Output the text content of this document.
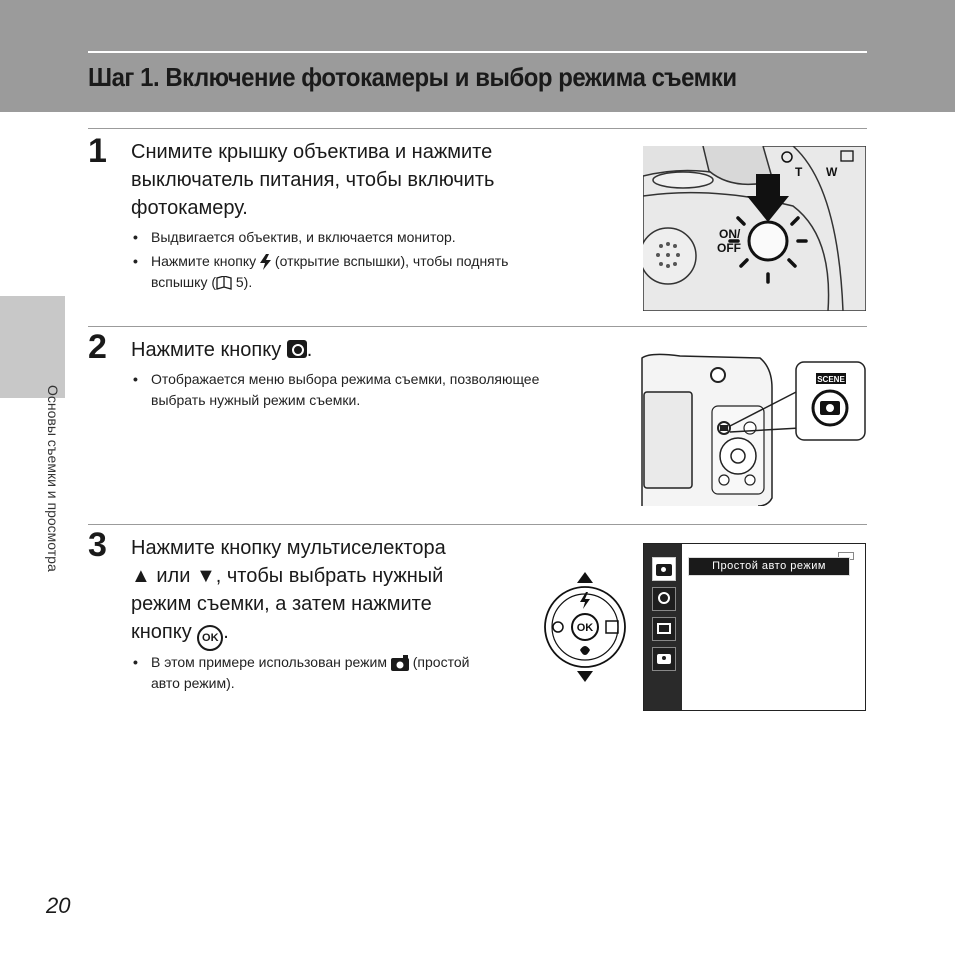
Шаг 1. Включение фотокамеры и выбор режима съемки
Основы съемки и просмотра
1 Снимите крышку объектива и нажмите
выключатель питания, чтобы включить
фотокамеру.
• Выдвигается объектив, и включается монитор.
• Нажмите кнопку  (открытие вспышки), чтобы поднять
вспышку ( 5).
ON/
OFF
T W
2 Нажмите кнопку .
• Отображается меню выбора режима съемки, позволяющее
выбрать нужный режим съемки.
SCENE
3 Нажмите кнопку мультиселектора
▲ или ▼, чтобы выбрать нужный
режим съемки, а затем нажмите
кнопку OK .
• В этом примере использован режим  (простой
авто режим).
OK
Простой авто режим
20
